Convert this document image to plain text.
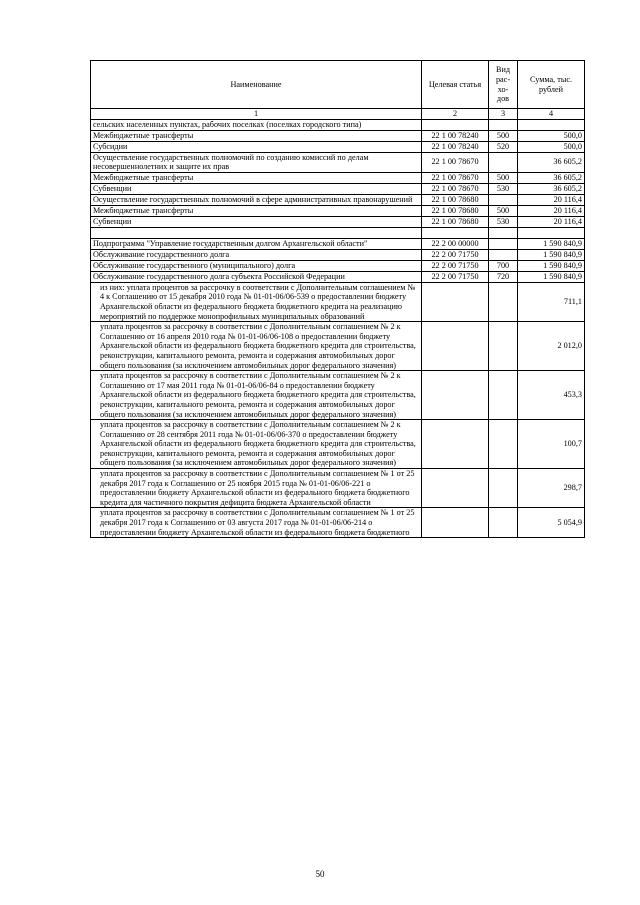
Наименование	Целевая статья	Вид рас- хо- дов	Сумма, тыс. рублей
1	2	3	4
сельских населенных пунктах, рабочих поселках (поселках городского типа)			
Межбюджетные трансферты	22 1 00 78240	500	500,0
Субсидии	22 1 00 78240	520	500,0
Осуществление государственных полномочий по созданию комиссий по делам несовершеннолетних и защите их прав	22 1 00 78670		36 605,2
Межбюджетные трансферты	22 1 00 78670	500	36 605,2
Субвенции	22 1 00 78670	530	36 605,2
Осуществление государственных полномочий в сфере административных правонарушений	22 1 00 78680		20 116,4
Межбюджетные трансферты	22 1 00 78680	500	20 116,4
Субвенции	22 1 00 78680	530	20 116,4

Подпрограмма "Управление государственным долгом Архангельской области"	22 2 00 00000		1 590 840,9
Обслуживание государственного долга	22 2 00 71750		1 590 840,9
Обслуживание государственного (муниципального) долга	22 2 00 71750	700	1 590 840,9
Обслуживание государственного долга субъекта Российской Федерации	22 2 00 71750	720	1 590 840,9
из них: уплата процентов за рассрочку в соответствии с Дополнительным соглашением № 4 к Соглашению от 15 декабря 2010 года № 01-01-06/06-539 о предоставлении бюджету Архангельской области из федерального бюджета бюджетного кредита на реализацию мероприятий по поддержке монопрофильных муниципальных образований			711,1
уплата процентов за рассрочку в соответствии с Дополнительным соглашением № 2 к Соглашению от 16 апреля 2010 года № 01-01-06/06-108 о предоставлении бюджету Архангельской области из федерального бюджета бюджетного кредита для строительства, реконструкции, капитального ремонта, ремонта и содержания автомобильных дорог общего пользования (за исключением автомобильных дорог федерального значения)			2 012,0
уплата процентов за рассрочку в соответствии с Дополнительным соглашением № 2 к Соглашению от 17 мая 2011 года № 01-01-06/06-84 о предоставлении бюджету Архангельской области из федерального бюджета бюджетного кредита для строительства, реконструкции, капитального ремонта, ремонта и содержания автомобильных дорог общего пользования (за исключением автомобильных дорог федерального значения)			453,3
уплата процентов за рассрочку в соответствии с Дополнительным соглашением № 2 к Соглашению от 28 сентября 2011 года № 01-01-06/06-370 о предоставлении бюджету Архангельской области из федерального бюджета бюджетного кредита для строительства, реконструкции, капитального ремонта, ремонта и содержания автомобильных дорог общего пользования (за исключением автомобильных дорог федерального значения)			100,7
уплата процентов за рассрочку в соответствии с Дополнительным соглашением № 1 от 25 декабря 2017 года к Соглашению от 25 ноября 2015 года № 01-01-06/06-221 о предоставлении бюджету Архангельской области из федерального бюджета бюджетного кредита для частичного покрытия дефицита бюджета Архангельской области			298,7
уплата процентов за рассрочку в соответствии с Дополнительным соглашением № 1 от 25 декабря 2017 года к Соглашению от 03 августа 2017 года № 01-01-06/06-214 о предоставлении бюджету Архангельской области из федерального бюджета бюджетного			5 054,9
50
